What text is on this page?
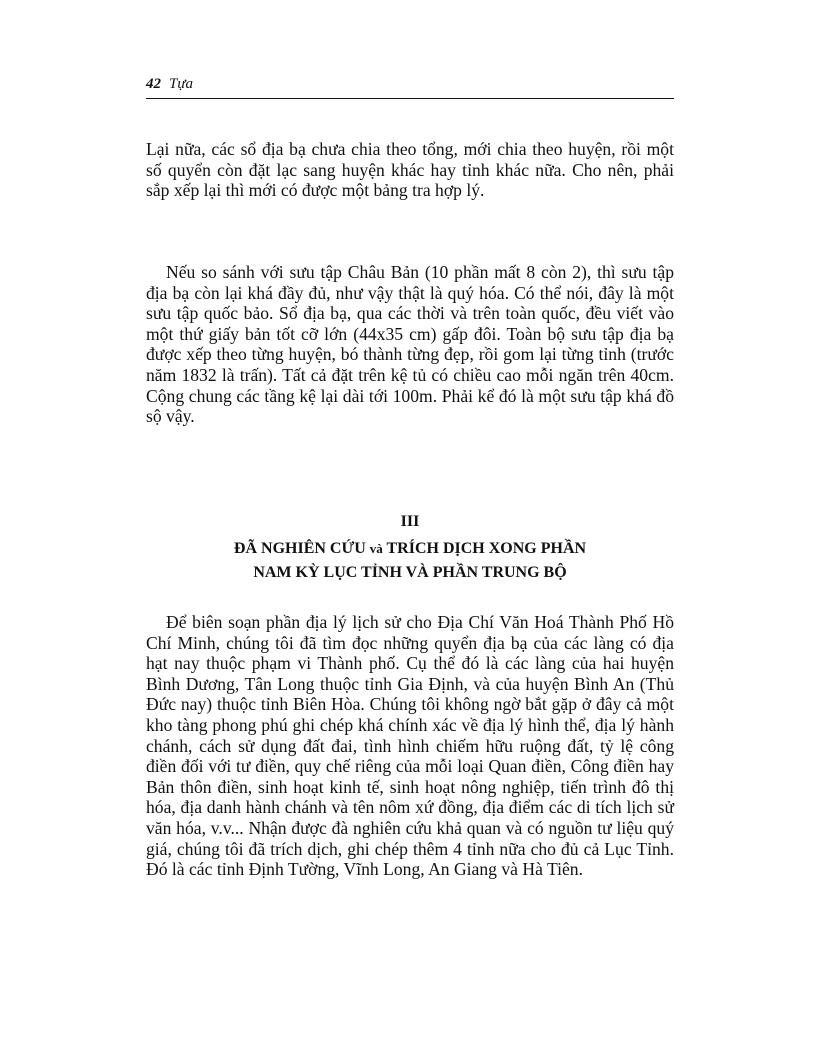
42 Tựa

Lại nữa, các sổ địa bạ chưa chia theo tổng, mới chia theo huyện, rồi một số quyển còn đặt lạc sang huyện khác hay tỉnh khác nữa. Cho nên, phải sắp xếp lại thì mới có được một bảng tra hợp lý.

Nếu so sánh với sưu tập Châu Bản (10 phần mất 8 còn 2), thì sưu tập địa bạ còn lại khá đầy đủ, như vậy thật là quý hóa. Có thể nói, đây là một sưu tập quốc bảo. Sổ địa bạ, qua các thời và trên toàn quốc, đều viết vào một thứ giấy bản tốt cỡ lớn (44x35 cm) gấp đôi. Toàn bộ sưu tập địa bạ được xếp theo từng huyện, bó thành từng đẹp, rồi gom lại từng tỉnh (trước năm 1832 là trấn). Tất cả đặt trên kệ tủ có chiều cao mỗi ngăn trên 40cm. Cộng chung các tầng kệ lại dài tới 100m. Phải kể đó là một sưu tập khá đồ sộ vậy.

III
ĐÃ NGHIÊN CỨU và TRÍCH DỊCH XONG PHẦN
NAM KỲ LỤC TỈNH VÀ PHẦN TRUNG BỘ

Để biên soạn phần địa lý lịch sử cho Địa Chí Văn Hoá Thành Phố Hồ Chí Minh, chúng tôi đã tìm đọc những quyển địa bạ của các làng có địa hạt nay thuộc phạm vi Thành phố. Cụ thể đó là các làng của hai huyện Bình Dương, Tân Long thuộc tỉnh Gia Định, và của huyện Bình An (Thủ Đức nay) thuộc tỉnh Biên Hòa. Chúng tôi không ngờ bắt gặp ở đây cả một kho tàng phong phú ghi chép khá chính xác về địa lý hình thể, địa lý hành chánh, cách sử dụng đất đai, tình hình chiếm hữu ruộng đất, tỷ lệ công điền đối với tư điền, quy chế riêng của mỗi loại Quan điền, Công điền hay Bản thôn điền, sinh hoạt kinh tế, sinh hoạt nông nghiệp, tiến trình đô thị hóa, địa danh hành chánh và tên nôm xứ đồng, địa điểm các di tích lịch sử văn hóa, v.v... Nhận được đà nghiên cứu khả quan và có nguồn tư liệu quý giá, chúng tôi đã trích dịch, ghi chép thêm 4 tỉnh nữa cho đủ cả Lục Tỉnh. Đó là các tỉnh Định Tường, Vĩnh Long, An Giang và Hà Tiên.
